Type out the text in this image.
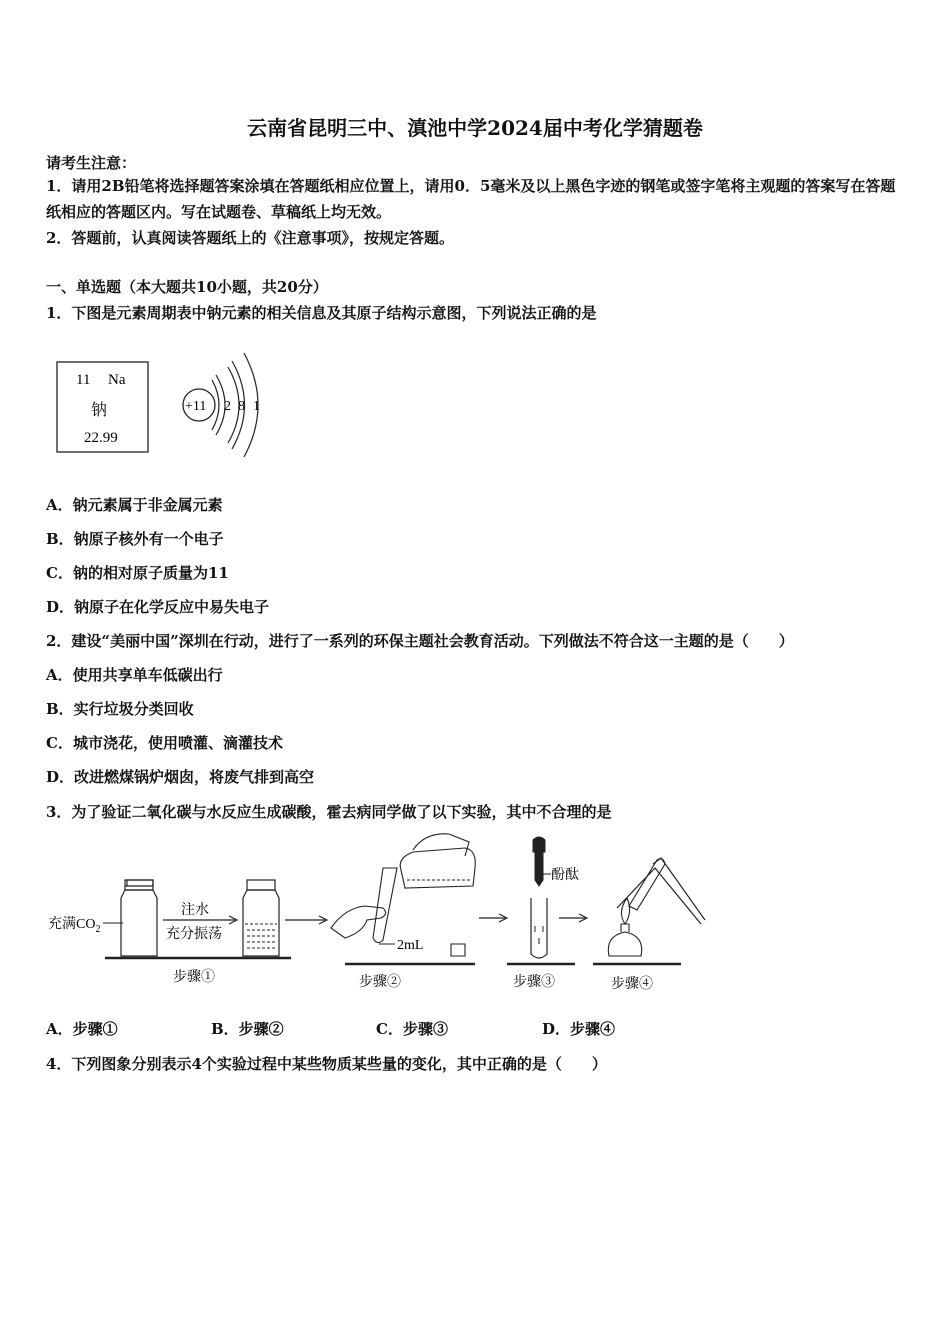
云南省昆明三中、滇池中学2024届中考化学猜题卷
请考生注意：
1．请用2B铅笔将选择题答案涂填在答题纸相应位置上，请用0．5毫米及以上黑色字迹的钢笔或签字笔将主观题的答案写在答题纸相应的答题区内。写在试题卷、草稿纸上均无效。
2．答题前，认真阅读答题纸上的《注意事项》，按规定答题。
一、单选题（本大题共10小题，共20分）
1．下图是元素周期表中钠元素的相关信息及其原子结构示意图，下列说法正确的是
11 Na
钠
22.99
+11 2 8 1
A．钠元素属于非金属元素
B．钠原子核外有一个电子
C．钠的相对原子质量为11
D．钠原子在化学反应中易失电子
2．建设“美丽中国”深圳在行动，进行了一系列的环保主题社会教育活动。下列做法不符合这一主题的是（　　）
A．使用共享单车低碳出行
B．实行垃圾分类回收
C．城市浇花，使用喷灌、滴灌技术
D．改进燃煤锅炉烟囱，将废气排到高空
3．为了验证二氧化碳与水反应生成碳酸，霍去病同学做了以下实验，其中不合理的是
充满$CO_2$
注水
充分振荡
步骤①
2mL
步骤②
酚酞
步骤③	步骤④
A．步骤①	B．步骤②	C．步骤③	D．步骤④
4．下列图象分别表示4个实验过程中某些物质某些量的变化，其中正确的是（　　）
